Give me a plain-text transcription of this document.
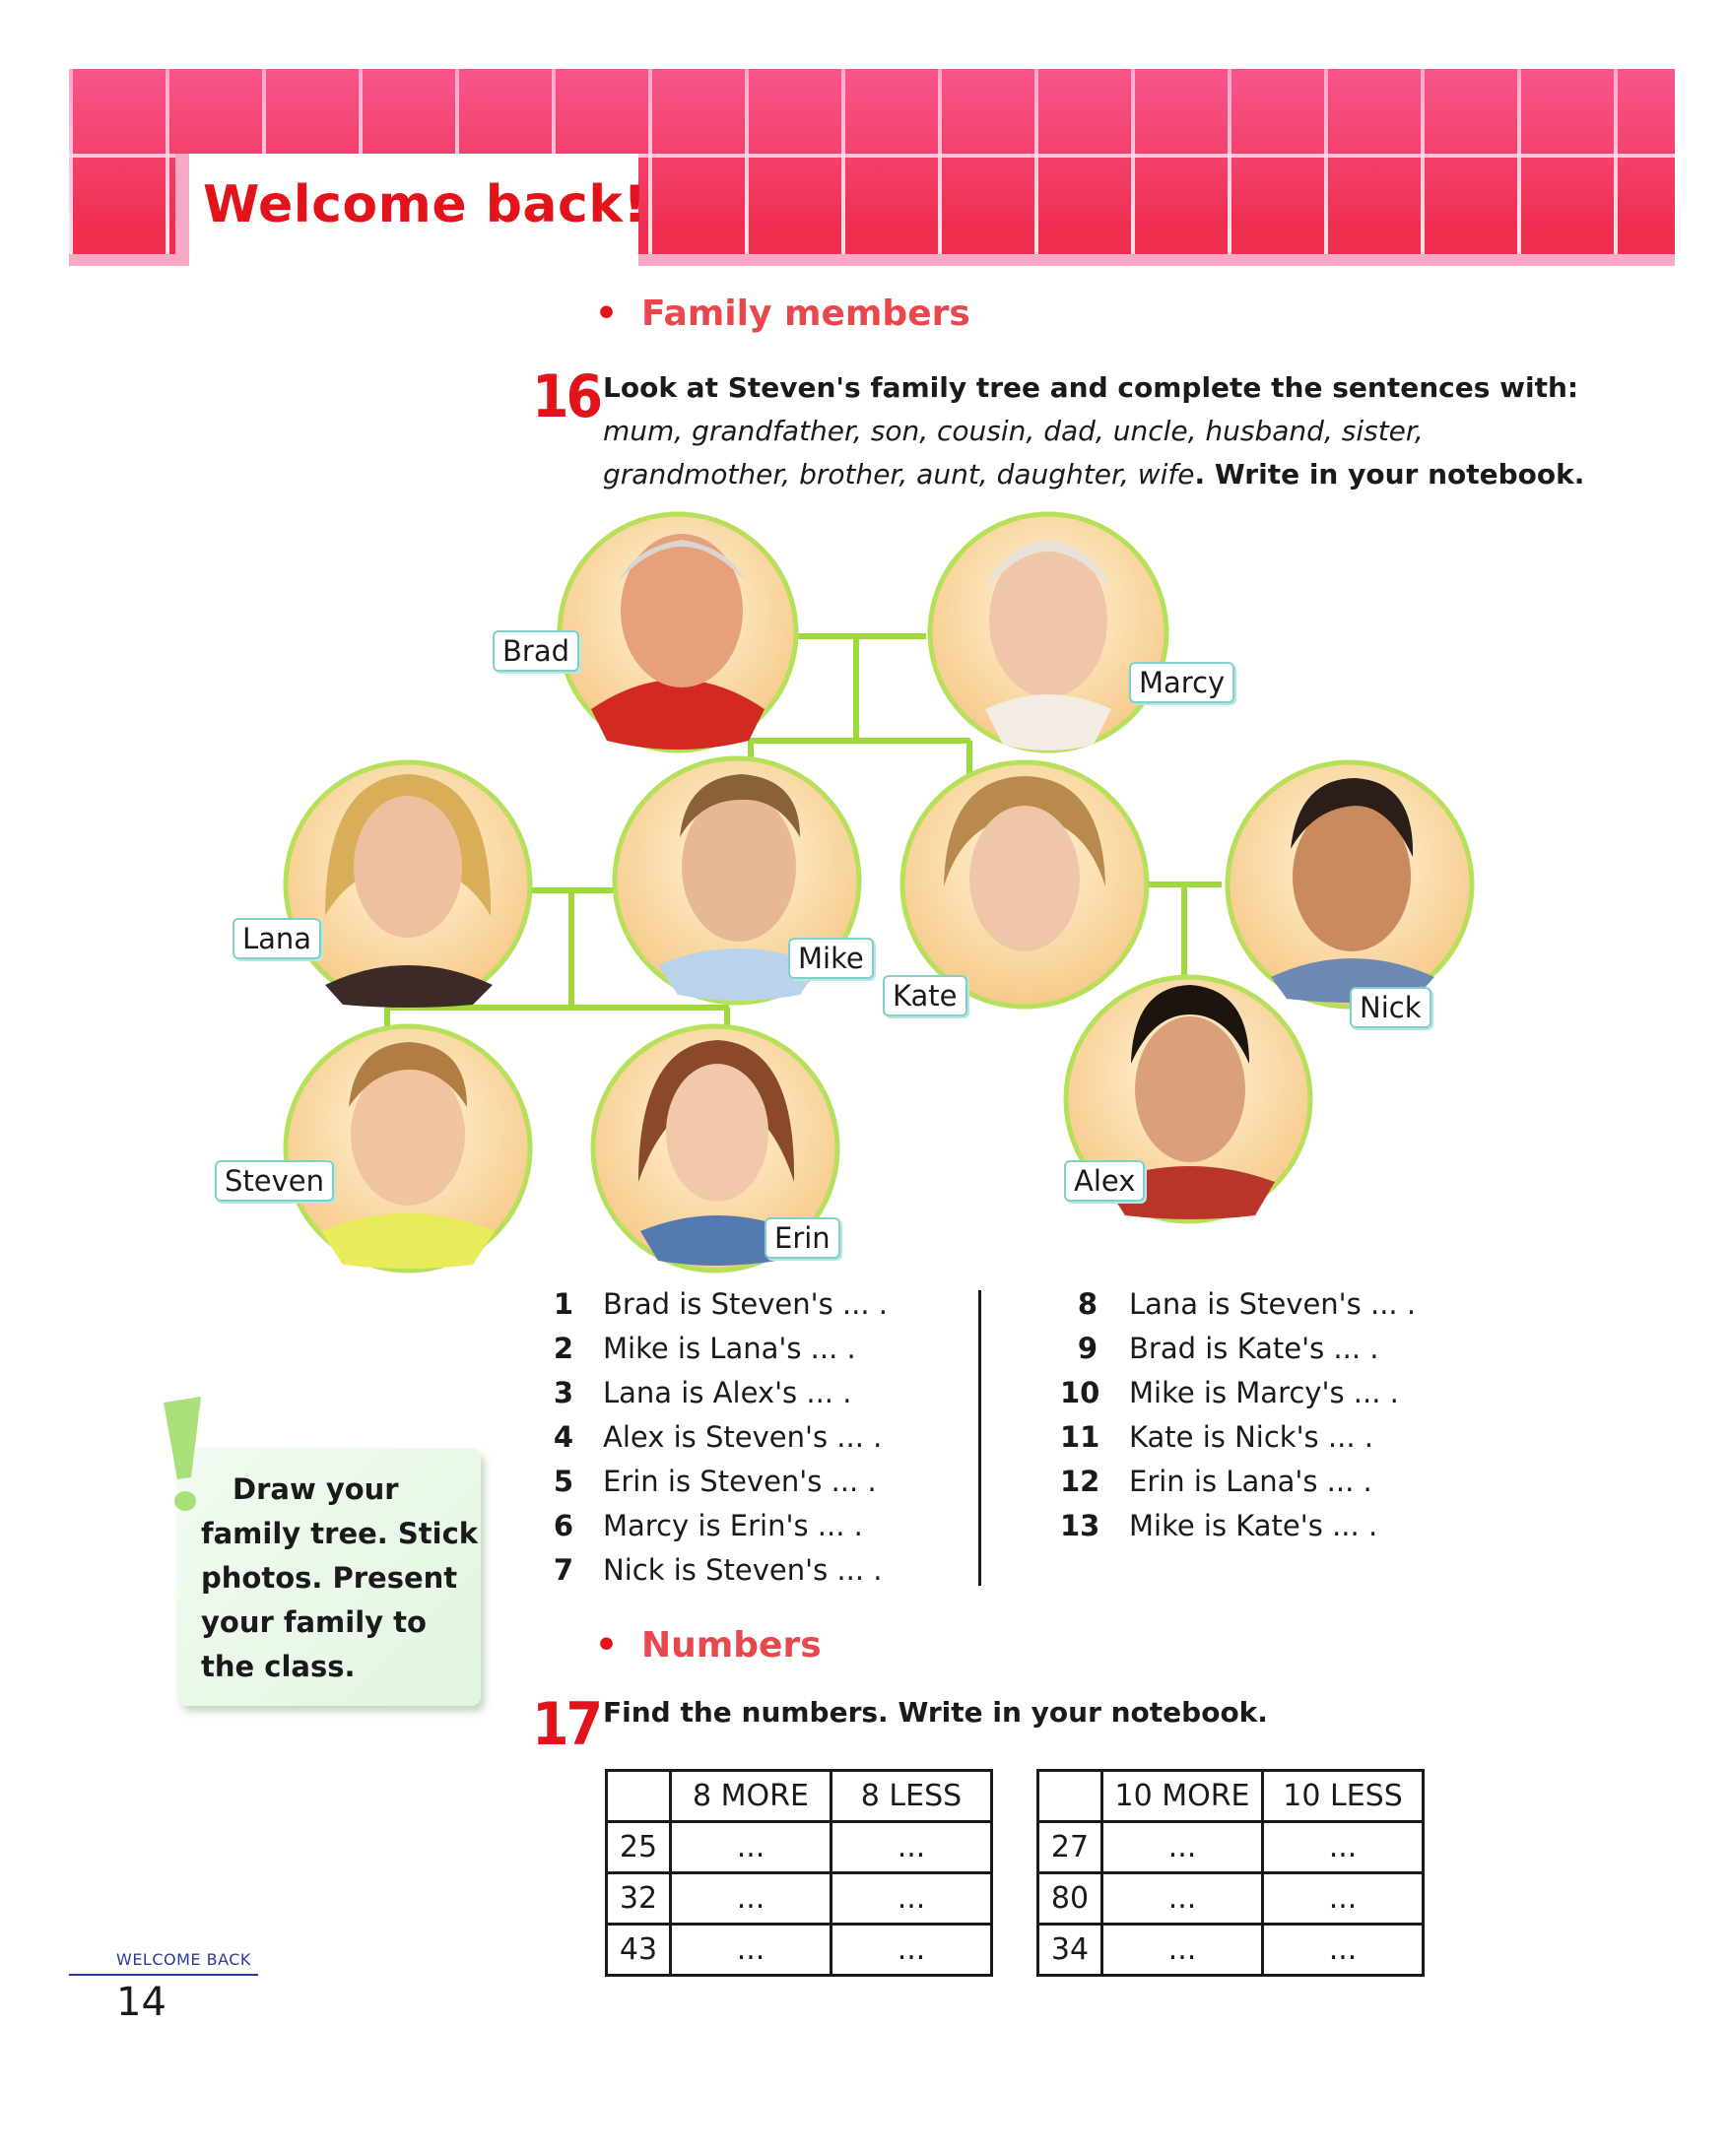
Welcome back!
• Family members
16 Look at Steven's family tree and complete the sentences with: mum, grandfather, son, cousin, dad, uncle, husband, sister, grandmother, brother, aunt, daughter, wife. Write in your notebook.
Brad
Marcy
Lana
Mike
Kate	Nick
Steven
Erin
Alex
1 Brad is Steven's ... .
2 Mike is Lana's ... .
3 Lana is Alex's ... .
4 Alex is Steven's ... .
5 Erin is Steven's ... .
6 Marcy is Erin's ... .
7 Nick is Steven's ... .
8 Lana is Steven's ... .
9 Brad is Kate's ... .
10 Mike is Marcy's ... .
11 Kate is Nick's ... .
12 Erin is Lana's ... .
13 Mike is Kate's ... .
Draw your family tree. Stick photos. Present your family to the class.
• Numbers
17 Find the numbers. Write in your notebook.
	8 MORE	8 LESS
25	...	...
32	...	...
43	...	...
	10 MORE	10 LESS
27	...	...
80	...	...
34	...	...
WELCOME BACK
14
